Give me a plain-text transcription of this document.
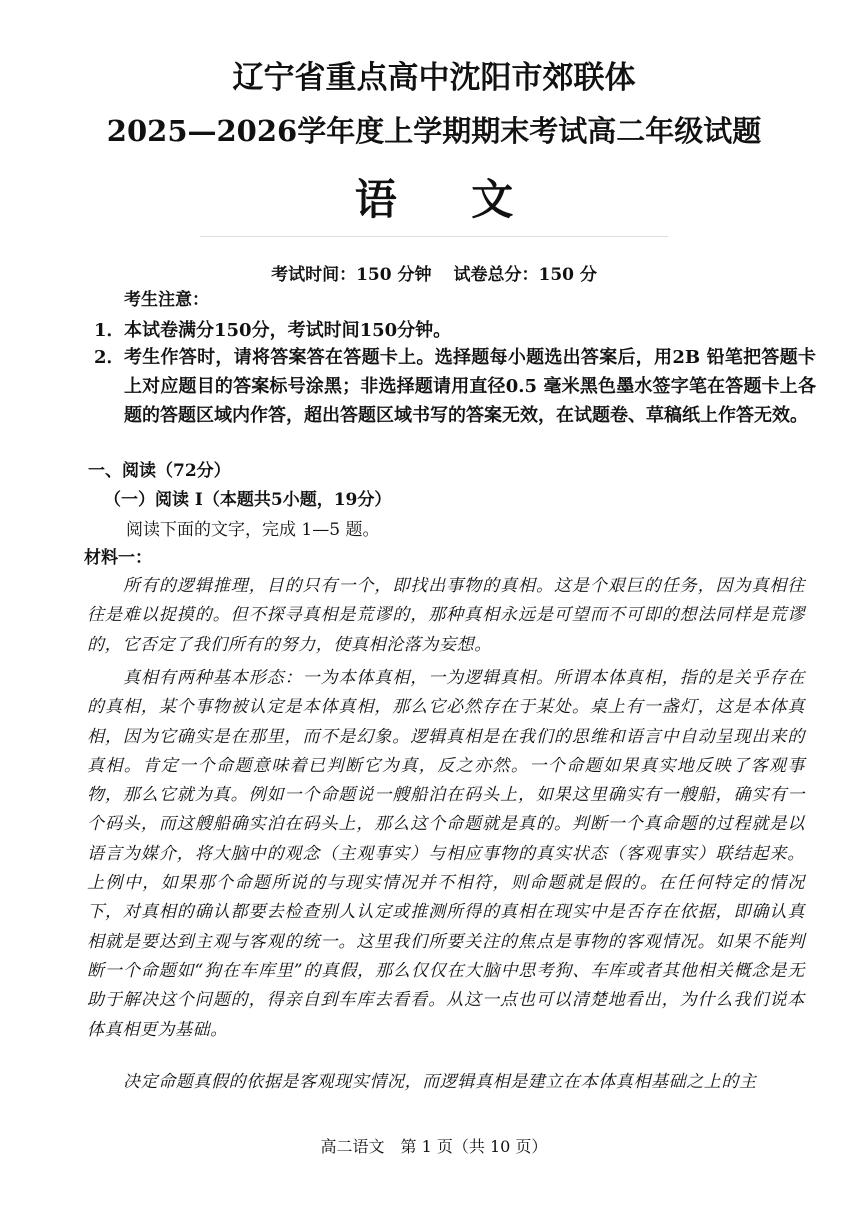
辽宁省重点高中沈阳市郊联体
2025—2026学年度上学期期末考试高二年级试题
语 文
考试时间：150 分钟 试卷总分：150 分
考生注意：
1． 本试卷满分150分，考试时间150分钟。
2． 考生作答时，请将答案答在答题卡上。选择题每小题选出答案后，用2B 铅笔把答题卡上对应题目的答案标号涂黑；非选择题请用直径0.5 毫米黑色墨水签字笔在答题卡上各题的答题区域内作答，超出答题区域书写的答案无效，在试题卷、草稿纸上作答无效。
一、阅读（72分）
（一）阅读 I（本题共5小题，19分）
阅读下面的文字，完成 1—5 题。
材料一：
所有的逻辑推理，目的只有一个，即找出事物的真相。这是个艰巨的任务，因为真相往往是难以捉摸的。但不探寻真相是荒谬的，那种真相永远是可望而不可即的想法同样是荒谬的，它否定了我们所有的努力，使真相沦落为妄想。
真相有两种基本形态：一为本体真相，一为逻辑真相。所谓本体真相，指的是关乎存在的真相，某个事物被认定是本体真相，那么它必然存在于某处。桌上有一盏灯，这是本体真相，因为它确实是在那里，而不是幻象。逻辑真相是在我们的思维和语言中自动呈现出来的真相。肯定一个命题意味着已判断它为真，反之亦然。一个命题如果真实地反映了客观事物，那么它就为真。例如一个命题说一艘船泊在码头上，如果这里确实有一艘船，确实有一个码头，而这艘船确实泊在码头上，那么这个命题就是真的。判断一个真命题的过程就是以语言为媒介，将大脑中的观念（主观事实）与相应事物的真实状态（客观事实）联结起来。上例中，如果那个命题所说的与现实情况并不相符，则命题就是假的。在任何特定的情况下，对真相的确认都要去检查别人认定或推测所得的真相在现实中是否存在依据，即确认真相就是要达到主观与客观的统一。这里我们所要关注的焦点是事物的客观情况。如果不能判断一个命题如“狗在车库里”的真假，那么仅仅在大脑中思考狗、车库或者其他相关概念是无助于解决这个问题的，得亲自到车库去看看。从这一点也可以清楚地看出，为什么我们说本体真相更为基础。
决定命题真假的依据是客观现实情况，而逻辑真相是建立在本体真相基础之上的主
高二语文　第 1 页（共 10 页）
